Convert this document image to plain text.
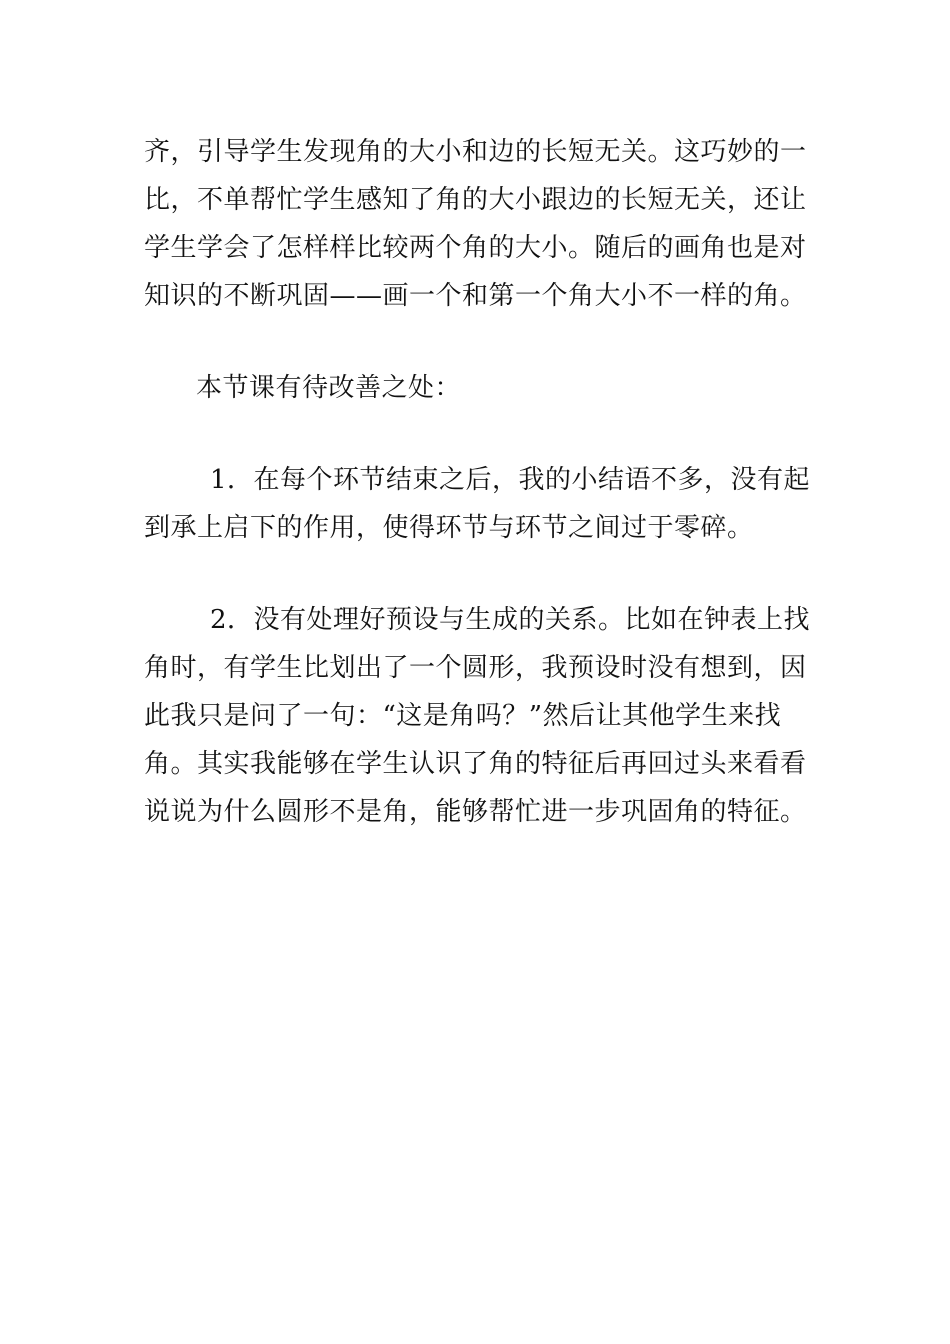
齐，引导学生发现角的大小和边的长短无关。这巧妙的一
比，不单帮忙学生感知了角的大小跟边的长短无关，还让
学生学会了怎样样比较两个角的大小。随后的画角也是对
知识的不断巩固——画一个和第一个角大小不一样的角。

本节课有待改善之处：

1．在每个环节结束之后，我的小结语不多，没有起
到承上启下的作用，使得环节与环节之间过于零碎。

2．没有处理好预设与生成的关系。比如在钟表上找
角时，有学生比划出了一个圆形，我预设时没有想到，因
此我只是问了一句：“这是角吗？”然后让其他学生来找
角。其实我能够在学生认识了角的特征后再回过头来看看
说说为什么圆形不是角，能够帮忙进一步巩固角的特征。
